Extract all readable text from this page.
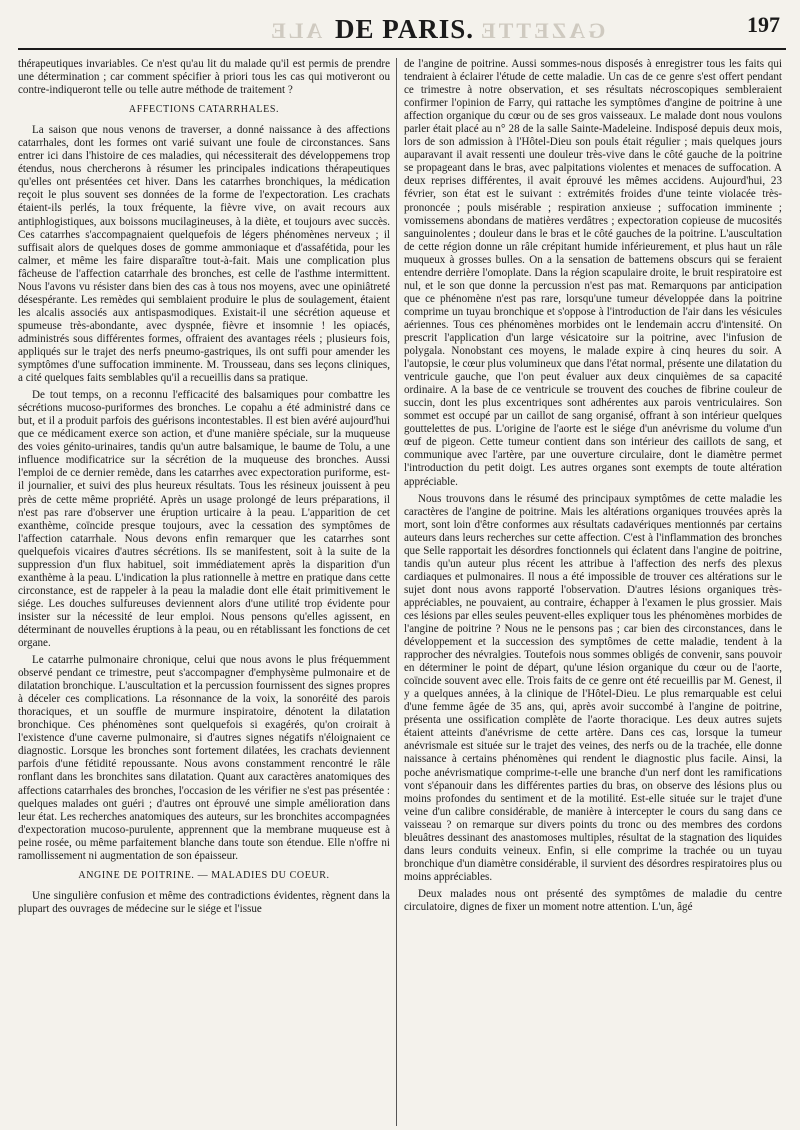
ALE DE PARIS. GAZETTE	197

thérapeutiques invariables. Ce n'est qu'au lit du malade qu'il est permis de prendre une détermination ; car comment spécifier à priori tous les cas qui motiveront ou contre-indiqueront telle ou telle autre méthode de traitement ?

AFFECTIONS CATARRHALES.

La saison que nous venons de traverser, a donné naissance à des affections catarrhales, dont les formes ont varié suivant une foule de circonstances. Sans entrer ici dans l'histoire de ces maladies, qui nécessiterait des développemens trop étendus, nous chercherons à résumer les principales indications thérapeutiques qu'elles ont présentées cet hiver. Dans les catarrhes bronchiques, la médication reçoit le plus souvent ses données de la forme de l'expectoration. Les crachats étaient-ils perlés, la toux fréquente, la fièvre vive, on avait recours aux antiphlogistiques, aux boissons mucilagineuses, à la diète, et toujours avec succès. Ces catarrhes s'accompagnaient quelquefois de légers phénomènes nerveux ; il suffisait alors de quelques doses de gomme ammoniaque et d'assafétida, pour les calmer, et même les faire disparaître tout-à-fait. Mais une complication plus fâcheuse de l'affection catarrhale des bronches, est celle de l'asthme intermittent. Nous l'avons vu résister dans bien des cas à tous nos moyens, avec une opiniâtreté désespérante. Les remèdes qui semblaient produire le plus de soulagement, étaient les alcalis associés aux antispasmodiques. Existait-il une sécrétion aqueuse et spumeuse très-abondante, avec dyspnée, fièvre et insomnie ! les opiacés, administrés sous différentes formes, offraient des avantages réels ; plusieurs fois, appliqués sur le trajet des nerfs pneumo-gastriques, ils ont suffi pour amender les symptômes d'une suffocation imminente. M. Trousseau, dans ses leçons cliniques, a cité quelques faits semblables qu'il a recueillis dans sa pratique.

De tout temps, on a reconnu l'efficacité des balsamiques pour combattre les sécrétions mucoso-puriformes des bronches. Le copahu a été administré dans ce but, et il a produit parfois des guérisons incontestables. Il est bien avéré aujourd'hui que ce médicament exerce son action, et d'une manière spéciale, sur la muqueuse des voies génito-urinaires, tandis qu'un autre balsamique, le baume de Tolu, a une influence modificatrice sur la sécrétion de la muqueuse des bronches. Aussi l'emploi de ce dernier remède, dans les catarrhes avec expectoration puriforme, est-il journalier, et suivi des plus heureux résultats. Tous les résineux jouissent à peu près de cette même propriété. Après un usage prolongé de leurs préparations, il n'est pas rare d'observer une éruption urticaire à la peau. L'apparition de cet exanthème, coïncide presque toujours, avec la cessation des symptômes de l'affection catarrhale. Nous devons enfin remarquer que les catarrhes sont quelquefois vicaires d'autres sécrétions. Ils se manifestent, soit à la suite de la suppression d'un flux habituel, soit immédiatement après la disparition d'un exanthème à la peau. L'indication la plus rationnelle à mettre en pratique dans cette circonstance, est de rappeler à la peau la maladie dont elle était primitivement le siége. Les douches sulfureuses deviennent alors d'une utilité trop évidente pour insister sur la nécessité de leur emploi. Nous pensons qu'elles agissent, en déterminant de nouvelles éruptions à la peau, ou en rétablissant les fonctions de cet organe.

Le catarrhe pulmonaire chronique, celui que nous avons le plus fréquemment observé pendant ce trimestre, peut s'accompagner d'emphysème pulmonaire et de dilatation bronchique. L'auscultation et la percussion fournissent des signes propres à déceler ces complications. La résonnance de la voix, la sonoréité des parois thoraciques, et un souffle de murmure inspiratoire, dénotent la dilatation bronchique. Ces phénomènes sont quelquefois si exagérés, qu'on croirait à l'existence d'une caverne pulmonaire, si d'autres signes négatifs n'éloignaient ce diagnostic. Lorsque les bronches sont fortement dilatées, les crachats deviennent parfois d'une fétidité repoussante. Nous avons constamment rencontré le râle ronflant dans les bronchites sans dilatation. Quant aux caractères anatomiques des affections catarrhales des bronches, l'occasion de les vérifier ne s'est pas présentée : quelques malades ont guéri ; d'autres ont éprouvé une simple amélioration dans leur état. Les recherches anatomiques des auteurs, sur les bronchites accompagnées d'expectoration mucoso-purulente, apprennent que la membrane muqueuse est à peine rosée, ou même parfaitement blanche dans toute son étendue. Elle n'offre ni ramollissement ni augmentation de son épaisseur.

ANGINE DE POITRINE. — MALADIES DU COEUR.

Une singulière confusion et même des contradictions évidentes, règnent dans la plupart des ouvrages de médecine sur le siége et l'issue

de l'angine de poitrine. Aussi sommes-nous disposés à enregistrer tous les faits qui tendraient à éclairer l'étude de cette maladie. Un cas de ce genre s'est offert pendant ce trimestre à notre observation, et ses résultats nécroscopiques sembleraient confirmer l'opinion de Farry, qui rattache les symptômes d'angine de poitrine à une affection organique du cœur ou de ses gros vaisseaux. Le malade dont nous voulons parler était placé au n° 28 de la salle Sainte-Madeleine. Indisposé depuis deux mois, lors de son admission à l'Hôtel-Dieu son pouls était régulier ; mais quelques jours auparavant il avait ressenti une douleur très-vive dans le côté gauche de la poitrine se propageant dans le bras, avec palpitations violentes et menaces de suffocation. A deux reprises différentes, il avait éprouvé les mêmes accidens. Aujourd'hui, 23 février, son état est le suivant : extrémités froides d'une teinte violacée très-prononcée ; pouls misérable ; respiration anxieuse ; suffocation imminente ; vomissemens abondans de matières verdâtres ; expectoration copieuse de mucosités sanguinolentes ; douleur dans le bras et le côté gauches de la poitrine. L'auscultation de cette région donne un râle crépitant humide inférieurement, et plus haut un râle muqueux à grosses bulles. On a la sensation de battemens obscurs qui se feraient entendre derrière l'omoplate. Dans la région scapulaire droite, le bruit respiratoire est nul, et le son que donne la percussion n'est pas mat. Remarquons par anticipation que ce phénomène n'est pas rare, lorsqu'une tumeur développée dans la poitrine comprime un tuyau bronchique et s'oppose à l'introduction de l'air dans les vésicules aériennes. Tous ces phénomènes morbides ont le lendemain accru d'intensité. On prescrit l'application d'un large vésicatoire sur la poitrine, avec l'infusion de polygala. Nonobstant ces moyens, le malade expire à cinq heures du soir. A l'autopsie, le cœur plus volumineux que dans l'état normal, présente une dilatation du ventricule gauche, que l'on peut évaluer aux deux cinquièmes de sa capacité ordinaire. A la base de ce ventricule se trouvent des couches de fibrine couleur de succin, dont les plus excentriques sont adhérentes aux parois ventriculaires. Son sommet est occupé par un caillot de sang organisé, offrant à son intérieur quelques gouttelettes de pus. L'origine de l'aorte est le siége d'un anévrisme du volume d'un œuf de pigeon. Cette tumeur contient dans son intérieur des caillots de sang, et communique avec l'artère, par une ouverture circulaire, dont le diamètre permet l'introduction du petit doigt. Les autres organes sont exempts de toute altération appréciable.

Nous trouvons dans le résumé des principaux symptômes de cette maladie les caractères de l'angine de poitrine. Mais les altérations organiques trouvées après la mort, sont loin d'être conformes aux résultats cadavériques mentionnés par certains auteurs dans leurs recherches sur cette affection. C'est à l'inflammation des bronches que Selle rapportait les désordres fonctionnels qui éclatent dans l'angine de poitrine, tandis qu'un auteur plus récent les attribue à l'affection des nerfs des plexus cardiaques et pulmonaires. Il nous a été impossible de trouver ces altérations sur le sujet dont nous avons rapporté l'observation. D'autres lésions organiques très-appréciables, ne pouvaient, au contraire, échapper à l'examen le plus grossier. Mais ces lésions par elles seules peuvent-elles expliquer tous les phénomènes morbides de l'angine de poitrine ? Nous ne le pensons pas ; car bien des circonstances, dans le développement et la succession des symptômes de cette maladie, tendent à la rapprocher des névralgies. Toutefois nous sommes obligés de convenir, sans pouvoir en déterminer le point de départ, qu'une lésion organique du cœur ou de l'aorte, coïncide souvent avec elle. Trois faits de ce genre ont été recueillis par M. Genest, il y a quelques années, à la clinique de l'Hôtel-Dieu. Le plus remarquable est celui d'une femme âgée de 35 ans, qui, après avoir succombé à l'angine de poitrine, présenta une ossification complète de l'aorte thoracique. Les deux autres sujets étaient atteints d'anévrisme de cette artère. Dans ces cas, lorsque la tumeur anévrismale est située sur le trajet des veines, des nerfs ou de la trachée, elle donne naissance à certains phénomènes qui rendent le diagnostic plus facile. Ainsi, la poche anévrismatique comprime-t-elle une branche d'un nerf dont les ramifications vont s'épanouir dans les différentes parties du bras, on observe des lésions plus ou moins profondes du sentiment et de la motilité. Est-elle située sur le trajet d'une veine d'un calibre considérable, de manière à intercepter le cours du sang dans ce vaisseau ? on remarque sur divers points du tronc ou des membres des cordons bleuâtres dessinant des anastomoses multiples, résultat de la stagnation des liquides dans leurs conduits veineux. Enfin, si elle comprime la trachée ou un tuyau bronchique d'un diamètre considérable, il survient des désordres respiratoires plus ou moins appréciables.

Deux malades nous ont présenté des symptômes de maladie du centre circulatoire, dignes de fixer un moment notre attention. L'un, âgé
